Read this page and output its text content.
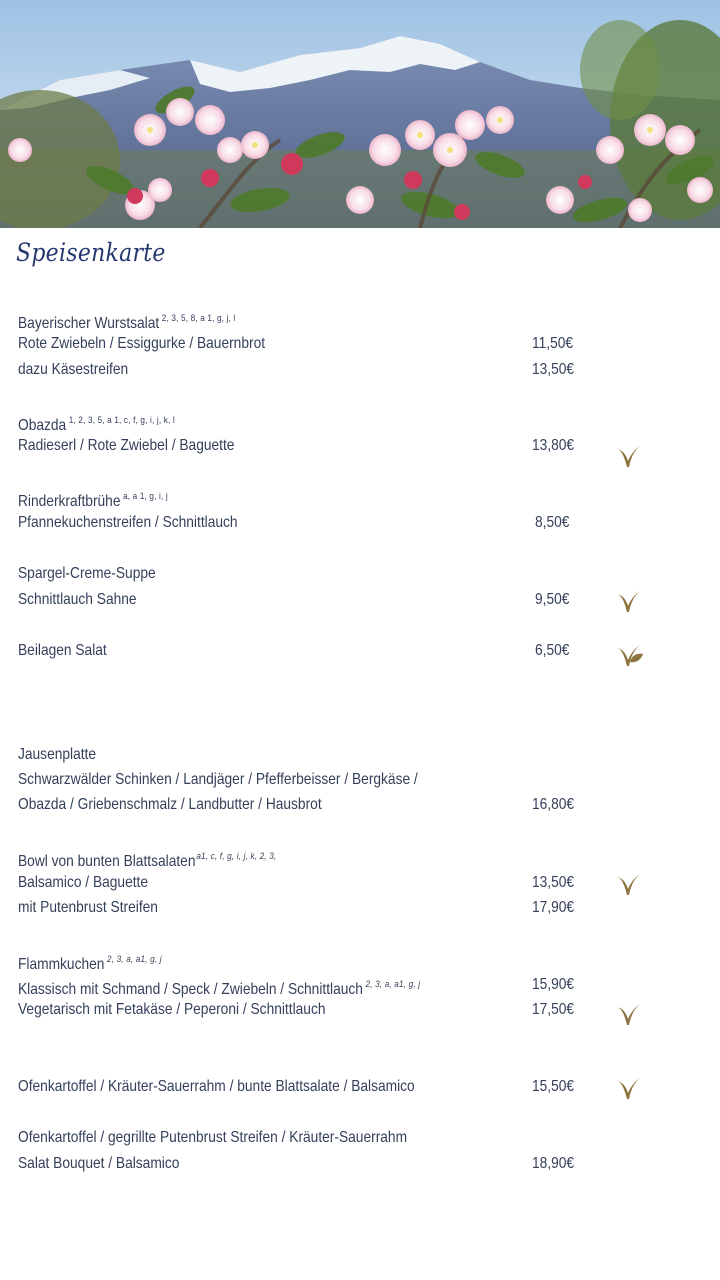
Speisenkarte
Bayerischer Wurstsalat $^{2, 3, 5, 8, a 1, g, j, l}$
Rote Zwiebeln / Essiggurke / Bauernbrot
dazu Käsestreifen
Obazda $^{1, 2, 3, 5, a 1, c, f, g, i, j, k, l}$
Radieserl / Rote Zwiebel / Baguette
Rinderkraftbrühe $^{a, a 1, g, i, j}$
Pfannekuchenstreifen / Schnittlauch
Spargel-Creme-Suppe
Schnittlauch Sahne
Beilagen Salat
Jausenplatte
Schwarzwälder Schinken / Landjäger / Pfefferbeisser / Bergkäse /
Obazda / Griebenschmalz / Landbutter / Hausbrot
Bowl von bunten Blattsalaten$^{a1, c, f, g, i, j, k, 2, 3,}$
Balsamico / Baguette
mit Putenbrust Streifen
Flammkuchen $^{2, 3, a, a1, g, j}$
Klassisch mit Schmand / Speck / Zwiebeln / Schnittlauch $^{2, 3, a, a1, g, j}$
Vegetarisch mit Fetakäse / Peperoni / Schnittlauch
Ofenkartoffel / Kräuter-Sauerrahm / bunte Blattsalate / Balsamico
Ofenkartoffel / gegrillte Putenbrust Streifen / Kräuter-Sauerrahm
Salat Bouquet / Balsamico
11,50€
13,50€
13,80€
8,50€
9,50€
6,50€
16,80€
13,50€
17,90€
15,90€
17,50€
15,50€
18,90€
